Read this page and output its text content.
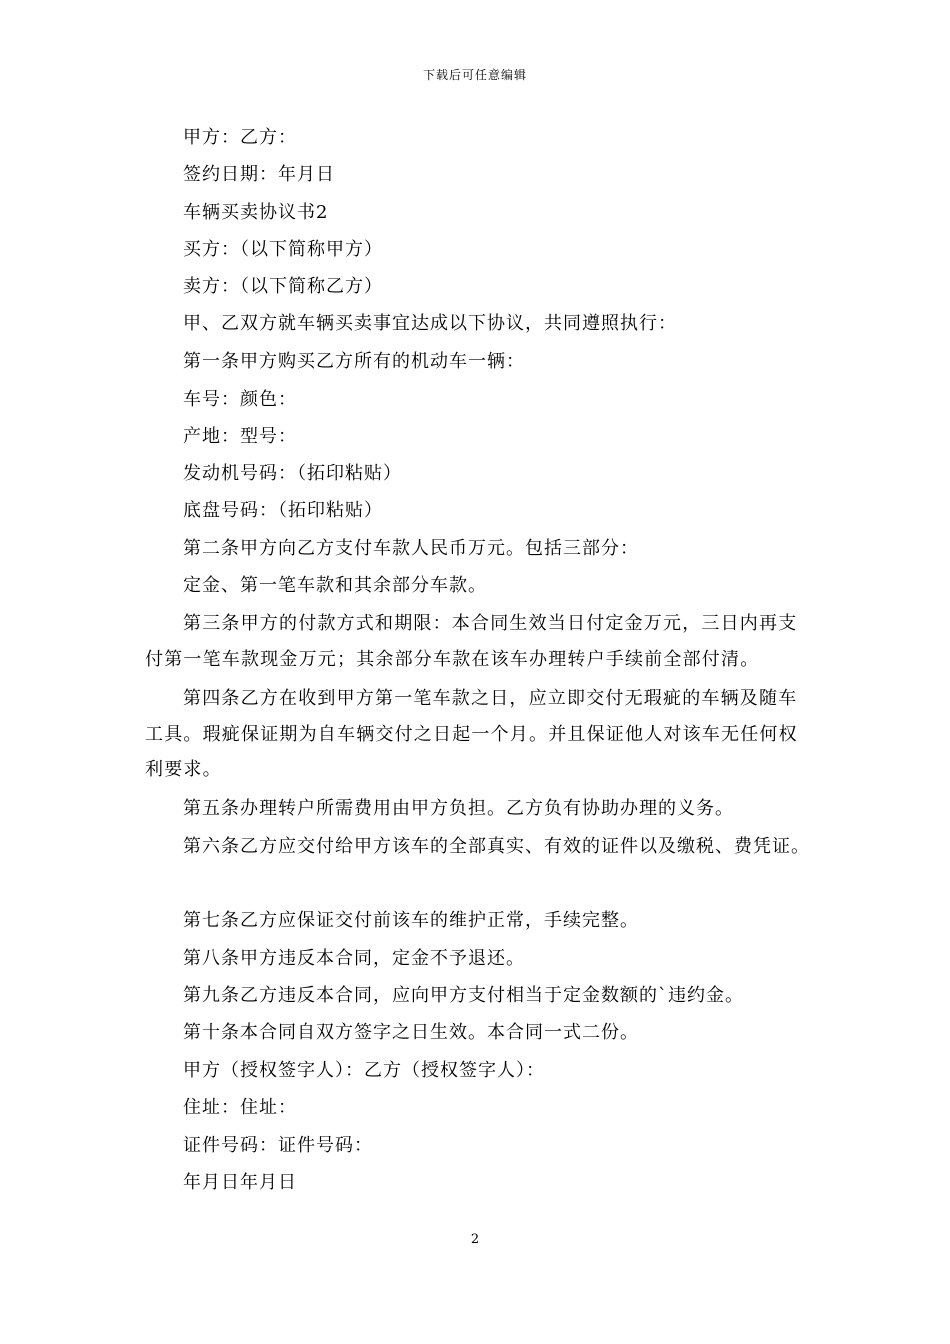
下载后可任意编辑
甲方：乙方：
签约日期：年月日
车辆买卖协议书2
买方：（以下简称甲方）
卖方：（以下简称乙方）
甲、乙双方就车辆买卖事宜达成以下协议，共同遵照执行：
第一条甲方购买乙方所有的机动车一辆：
车号：颜色：
产地：型号：
发动机号码：（拓印粘贴）
底盘号码：（拓印粘贴）
第二条甲方向乙方支付车款人民币万元。包括三部分：
定金、第一笔车款和其余部分车款。
第三条甲方的付款方式和期限：本合同生效当日付定金万元，三日内再支付第一笔车款现金万元；其余部分车款在该车办理转户手续前全部付清。
第四条乙方在收到甲方第一笔车款之日，应立即交付无瑕疵的车辆及随车工具。瑕疵保证期为自车辆交付之日起一个月。并且保证他人对该车无任何权利要求。
第五条办理转户所需费用由甲方负担。乙方负有协助办理的义务。
第六条乙方应交付给甲方该车的全部真实、有效的证件以及缴税、费凭证。
第七条乙方应保证交付前该车的维护正常，手续完整。
第八条甲方违反本合同，定金不予退还。
第九条乙方违反本合同，应向甲方支付相当于定金数额的`违约金。
第十条本合同自双方签字之日生效。本合同一式二份。
甲方（授权签字人）：乙方（授权签字人）：
住址：住址：
证件号码：证件号码：
年月日年月日
2
